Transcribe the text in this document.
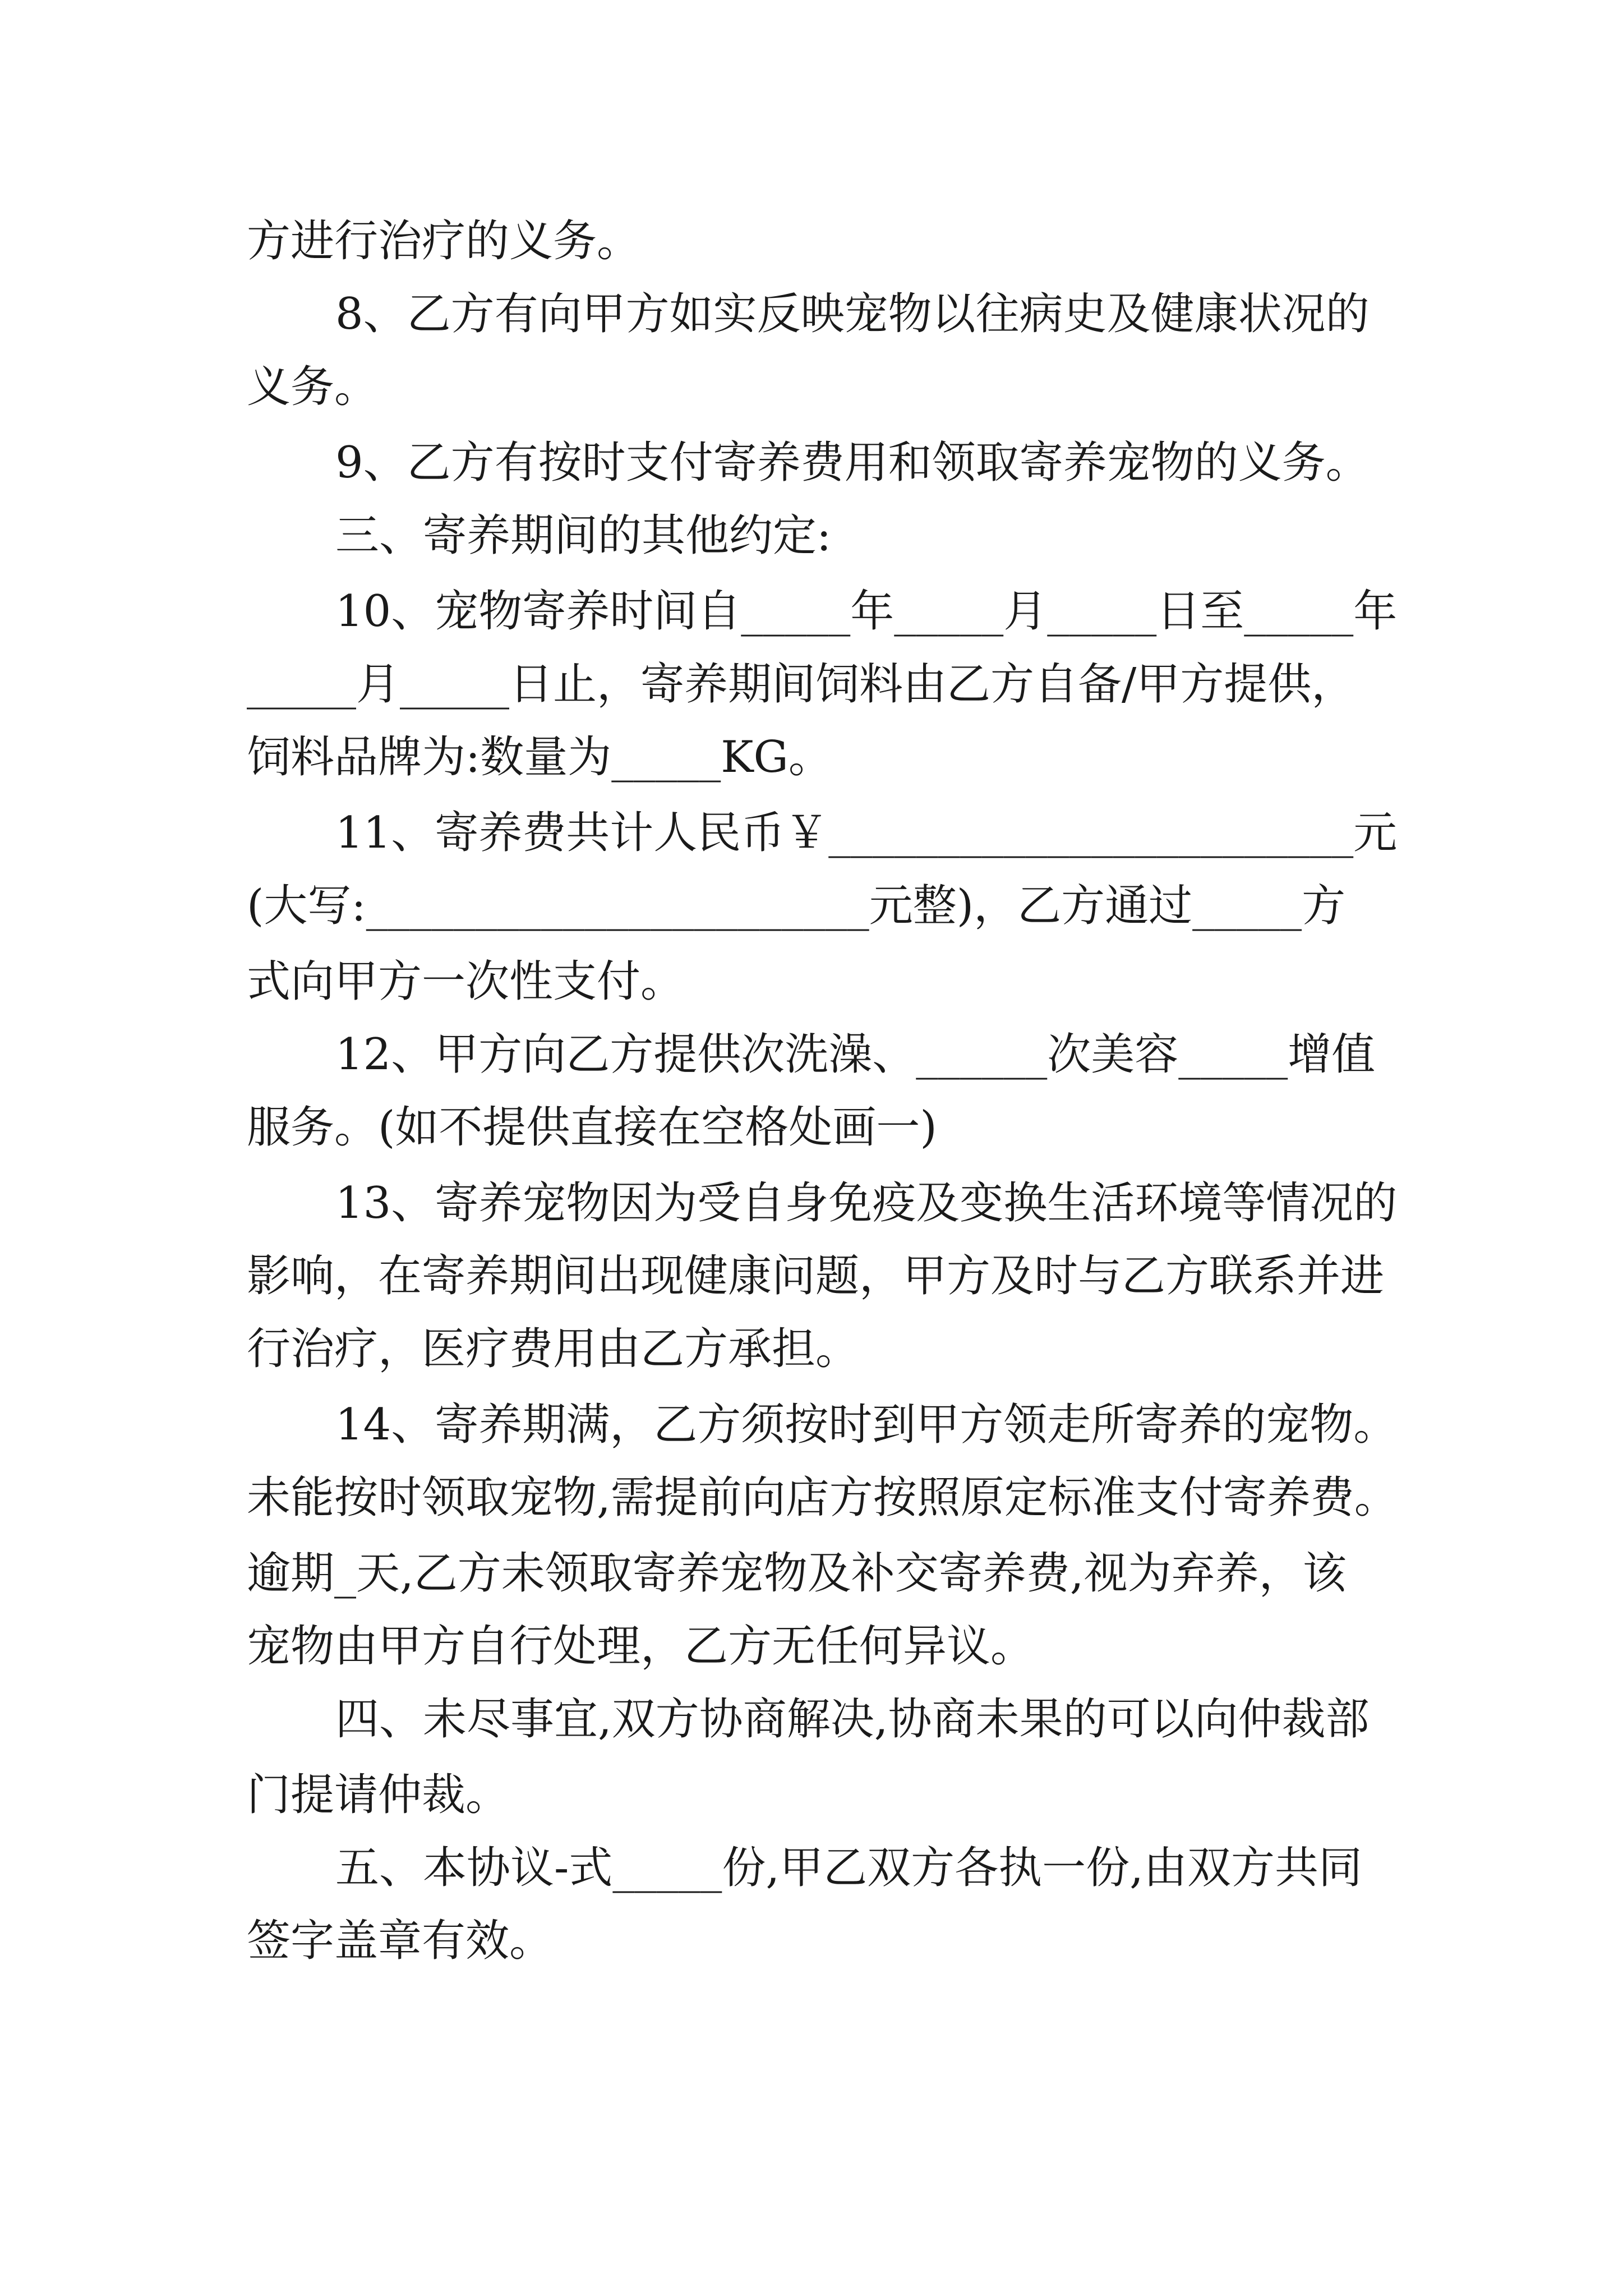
方进行治疗的义务。
8、乙方有向甲方如实反映宠物以往病史及健康状况的
义务。
9、乙方有按时支付寄养费用和领取寄养宠物的义务。
三、寄养期间的其他约定:
10、宠物寄养时间自_____年_____月_____日至_____年
_____月_____日止，寄养期间饲料由乙方自备/甲方提供，
饲料品牌为:数量为_____KG。
11、寄养费共计人民币￥________________________元
(大写:_______________________元整)，乙方通过_____方
式向甲方一次性支付。
12、甲方向乙方提供次洗澡、______次美容_____增值
服务。(如不提供直接在空格处画一)
13、寄养宠物因为受自身免疫及变换生活环境等情况的
影响，在寄养期间出现健康问题，甲方及时与乙方联系并进
行治疗，医疗费用由乙方承担。
14、寄养期满，乙方须按时到甲方领走所寄养的宠物。
未能按时领取宠物,需提前向店方按照原定标准支付寄养费。
逾期_天,乙方未领取寄养宠物及补交寄养费,视为弃养，该
宠物由甲方自行处理，乙方无任何异议。
四、未尽事宜,双方协商解决,协商未果的可以向仲裁部
门提请仲裁。
五、本协议-式_____份,甲乙双方各执一份,由双方共同
签字盖章有效。
